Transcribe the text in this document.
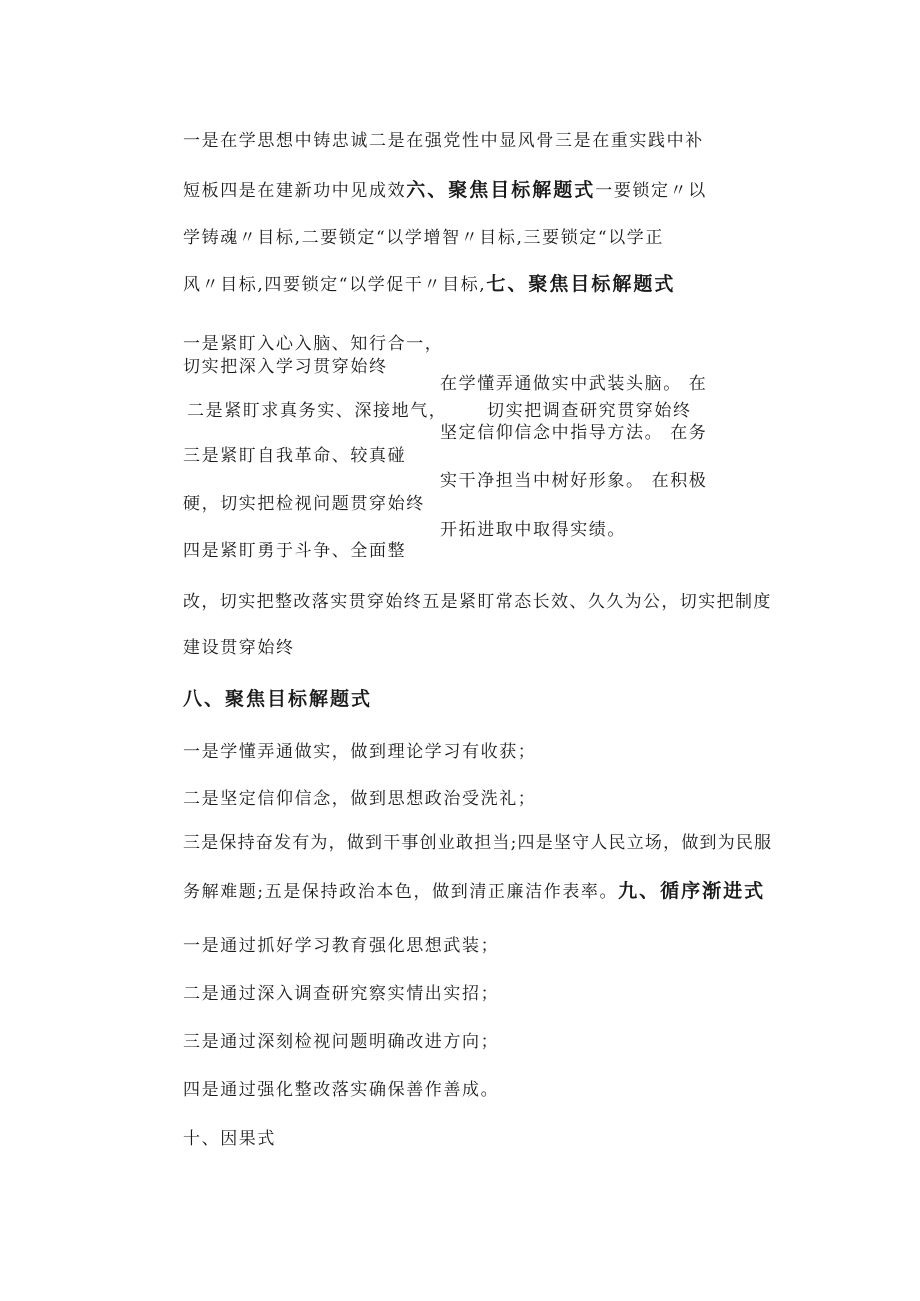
一是在学思想中铸忠诚二是在强党性中显风骨三是在重实践中补
短板四是在建新功中见成效六、聚焦目标解题式一要锁定〃以
学铸魂〃目标,二要锁定“以学增智〃目标,三要锁定“以学正
风〃目标,四要锁定“以学促干〃目标,七、聚焦目标解题式
一是紧盯入心入脑、知行合一，
切实把深入学习贯穿始终
在学懂弄通做实中武装头脑。 在
二是紧盯求真务实、深接地气， 切实把调查研究贯穿始终
坚定信仰信念中指导方法。 在务
三是紧盯自我革命、较真碰
实干净担当中树好形象。 在积极
硬，切实把检视问题贯穿始终
开拓进取中取得实绩。
四是紧盯勇于斗争、全面整
改，切实把整改落实贯穿始终五是紧盯常态长效、久久为公，切实把制度
建设贯穿始终
八、聚焦目标解题式
一是学懂弄通做实，做到理论学习有收获；
二是坚定信仰信念，做到思想政治受洗礼；
三是保持奋发有为，做到干事创业敢担当;四是坚守人民立场，做到为民服
务解难题;五是保持政治本色，做到清正廉洁作表率。九、循序渐进式
一是通过抓好学习教育强化思想武装；
二是通过深入调查研究察实情出实招；
三是通过深刻检视问题明确改进方向；
四是通过强化整改落实确保善作善成。
十、因果式
